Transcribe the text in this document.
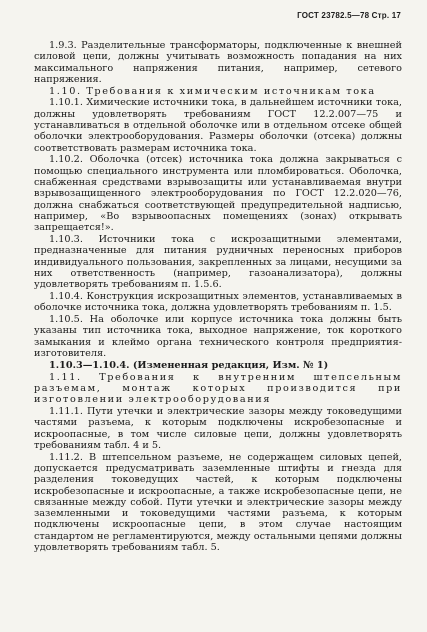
ГОСТ 23782.5—78 Стр. 17

1.9.3. Разделительные трансформаторы, подключенные к внешней силовой цепи, должны учитывать возможность попадания на них максимального напряжения питания, например, сетевого напряжения.

1.10. Требования к химическим источникам тока

1.10.1. Химические источники тока, в дальнейшем источники тока, должны удовлетворять требованиям ГОСТ 12.2.007—75 и устанавливаться в отдельной оболочке или в отдельном отсеке общей оболочки электрооборудования. Размеры оболочки (отсека) должны соответствовать размерам источника тока.

1.10.2. Оболочка (отсек) источника тока должна закрываться с помощью специального инструмента или пломбироваться. Оболочка, снабженная средствами взрывозащиты или устанавливаемая внутри взрывозащищенного электрооборудования по ГОСТ 12.2.020—76, должна снабжаться соответствующей предупредительной надписью, например, «Во взрывоопасных помещениях (зонах) открывать запрещается!».

1.10.3. Источники тока с искрозащитными элементами, предназначенные для питания рудничных переносных приборов индивидуального пользования, закрепленных за лицами, несущими за них ответственность (например, газоанализатора), должны удовлетворять требованиям п. 1.5.6.

1.10.4. Конструкция искрозащитных элементов, устанавливаемых в оболочке источника тока, должна удовлетворять требованиям п. 1.5.

1.10.5. На оболочке или корпусе источника тока должны быть указаны тип источника тока, выходное напряжение, ток короткого замыкания и клеймо органа технического контроля предприятия-изготовителя.

1.10.3—1.10.4. (Измененная редакция, Изм. № 1)

1.11. Требования к внутренним штепсельным разъемам, монтаж которых производится при изготовлении электрооборудования

1.11.1. Пути утечки и электрические зазоры между токоведущими частями разъема, к которым подключены искробезопасные и искроопасные, в том числе силовые цепи, должны удовлетворять требованиям табл. 4 и 5.

1.11.2. В штепсельном разъеме, не содержащем силовых цепей, допускается предусматривать заземленные штифты и гнезда для разделения токоведущих частей, к которым подключены искробезопасные и искроопасные, а также искробезопасные цепи, не связанные между собой. Пути утечки и электрические зазоры между заземленными и токоведущими частями разъема, к которым подключены искроопасные цепи, в этом случае настоящим стандартом не регламентируются, между остальными цепями должны удовлетворять требованиям табл. 5.
